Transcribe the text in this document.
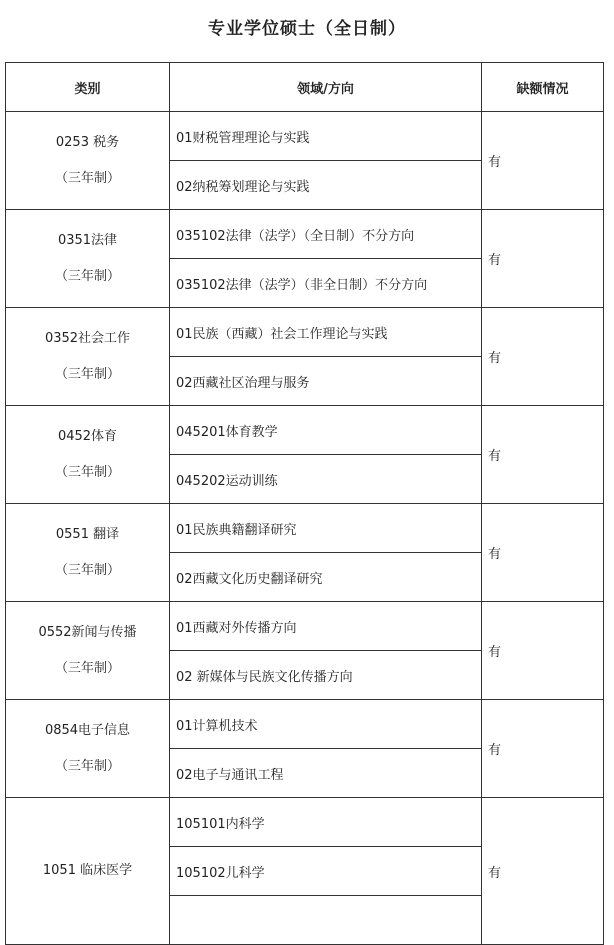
专业学位硕士（全日制）
类别	领域/方向	缺额情况

0253 税务
（三年制）	01财税管理理论与实践	有
	02纳税筹划理论与实践	

0351法律
（三年制）	035102法律（法学）（全日制）不分方向	有
	035102法律（法学）（非全日制）不分方向	

0352社会工作
（三年制）	01民族（西藏）社会工作理论与实践	有
	02西藏社区治理与服务	

0452体育
（三年制）	045201体育教学	有
	045202运动训练	

0551 翻译
（三年制）	01民族典籍翻译研究	有
	02西藏文化历史翻译研究	

0552新闻与传播
（三年制）	01西藏对外传播方向	有
	02 新媒体与民族文化传播方向	

0854电子信息
（三年制）	01计算机技术	有
	02电子与通讯工程	

1051 临床医学	105101内科学	有
	105102儿科学	
